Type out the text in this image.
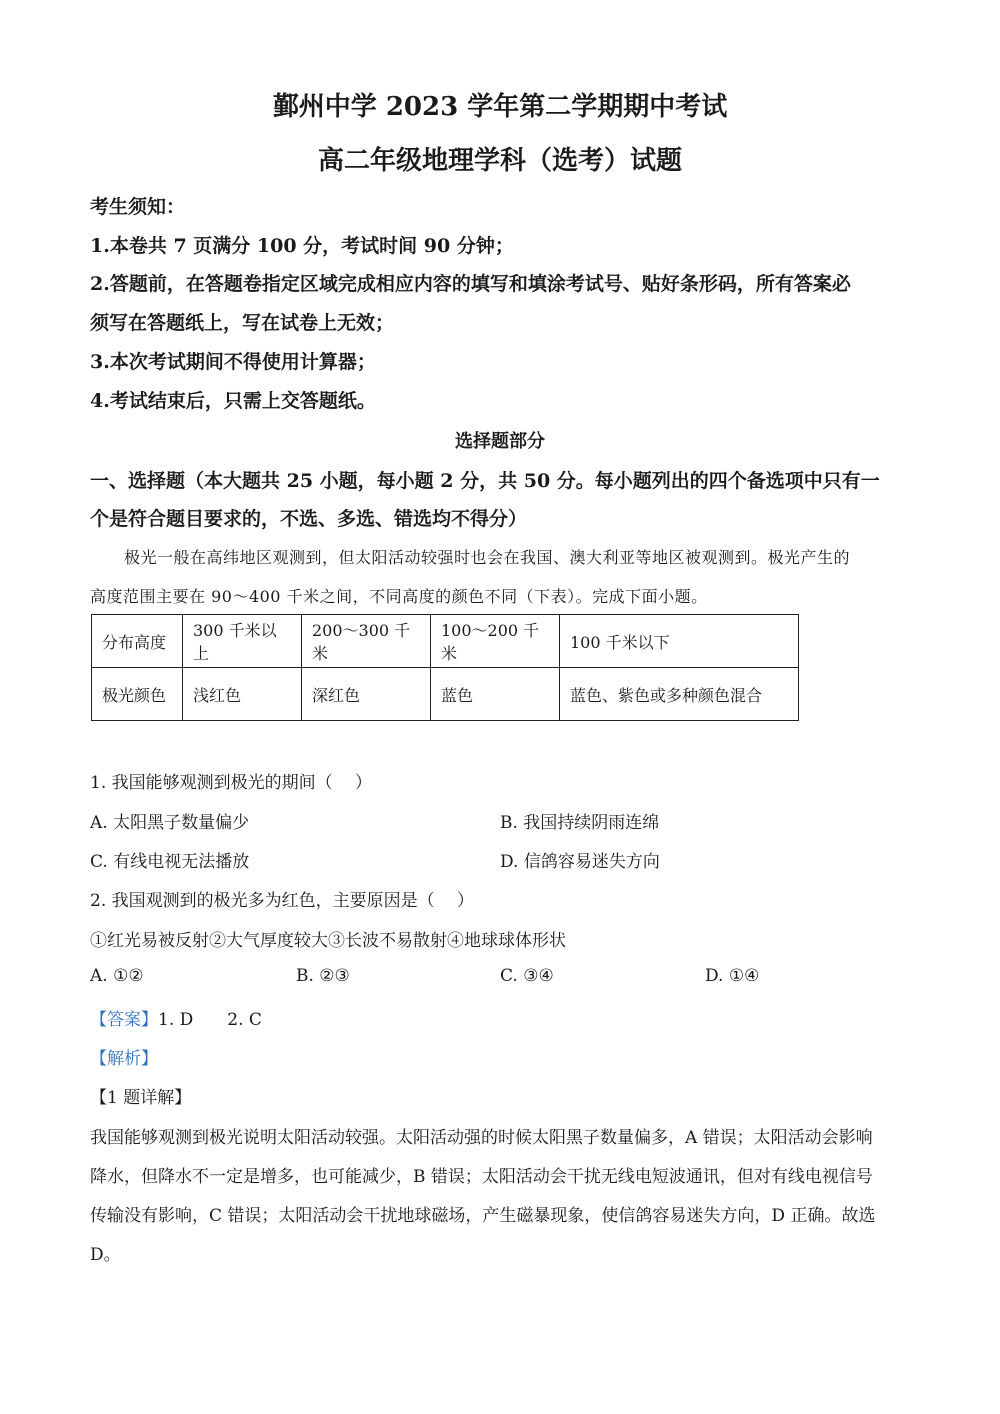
鄞州中学 2023 学年第二学期期中考试
高二年级地理学科（选考）试题
考生须知：
1.本卷共 7 页满分 100 分，考试时间 90 分钟；
2.答题前，在答题卷指定区域完成相应内容的填写和填涂考试号、贴好条形码，所有答案必
须写在答题纸上，写在试卷上无效；
3.本次考试期间不得使用计算器；
4.考试结束后，只需上交答题纸。
选择题部分
一、选择题（本大题共 25 小题，每小题 2 分，共 50 分。每小题列出的四个备选项中只有一
个是符合题目要求的，不选、多选、错选均不得分）
极光一般在高纬地区观测到，但太阳活动较强时也会在我国、澳大利亚等地区被观测到。极光产生的
高度范围主要在 90～400 千米之间，不同高度的颜色不同（下表）。完成下面小题。
分布高度	300 千米以上	200～300 千米	100～200 千米	100 千米以下
极光颜色	浅红色	深红色	蓝色	蓝色、紫色或多种颜色混合
1. 我国能够观测到极光的期间（　 ）
A. 太阳黑子数量偏少	B. 我国持续阴雨连绵
C. 有线电视无法播放	D. 信鸽容易迷失方向
2. 我国观测到的极光多为红色，主要原因是（　 ）
①红光易被反射②大气厚度较大③长波不易散射④地球球体形状
A. ①②	B. ②③	C. ③④	D. ①④
【答案】1. D　　2. C
【解析】
【1 题详解】
我国能够观测到极光说明太阳活动较强。太阳活动强的时候太阳黑子数量偏多，A 错误；太阳活动会影响
降水，但降水不一定是增多，也可能减少，B 错误；太阳活动会干扰无线电短波通讯，但对有线电视信号
传输没有影响，C 错误；太阳活动会干扰地球磁场，产生磁暴现象，使信鸽容易迷失方向，D 正确。故选
D。
